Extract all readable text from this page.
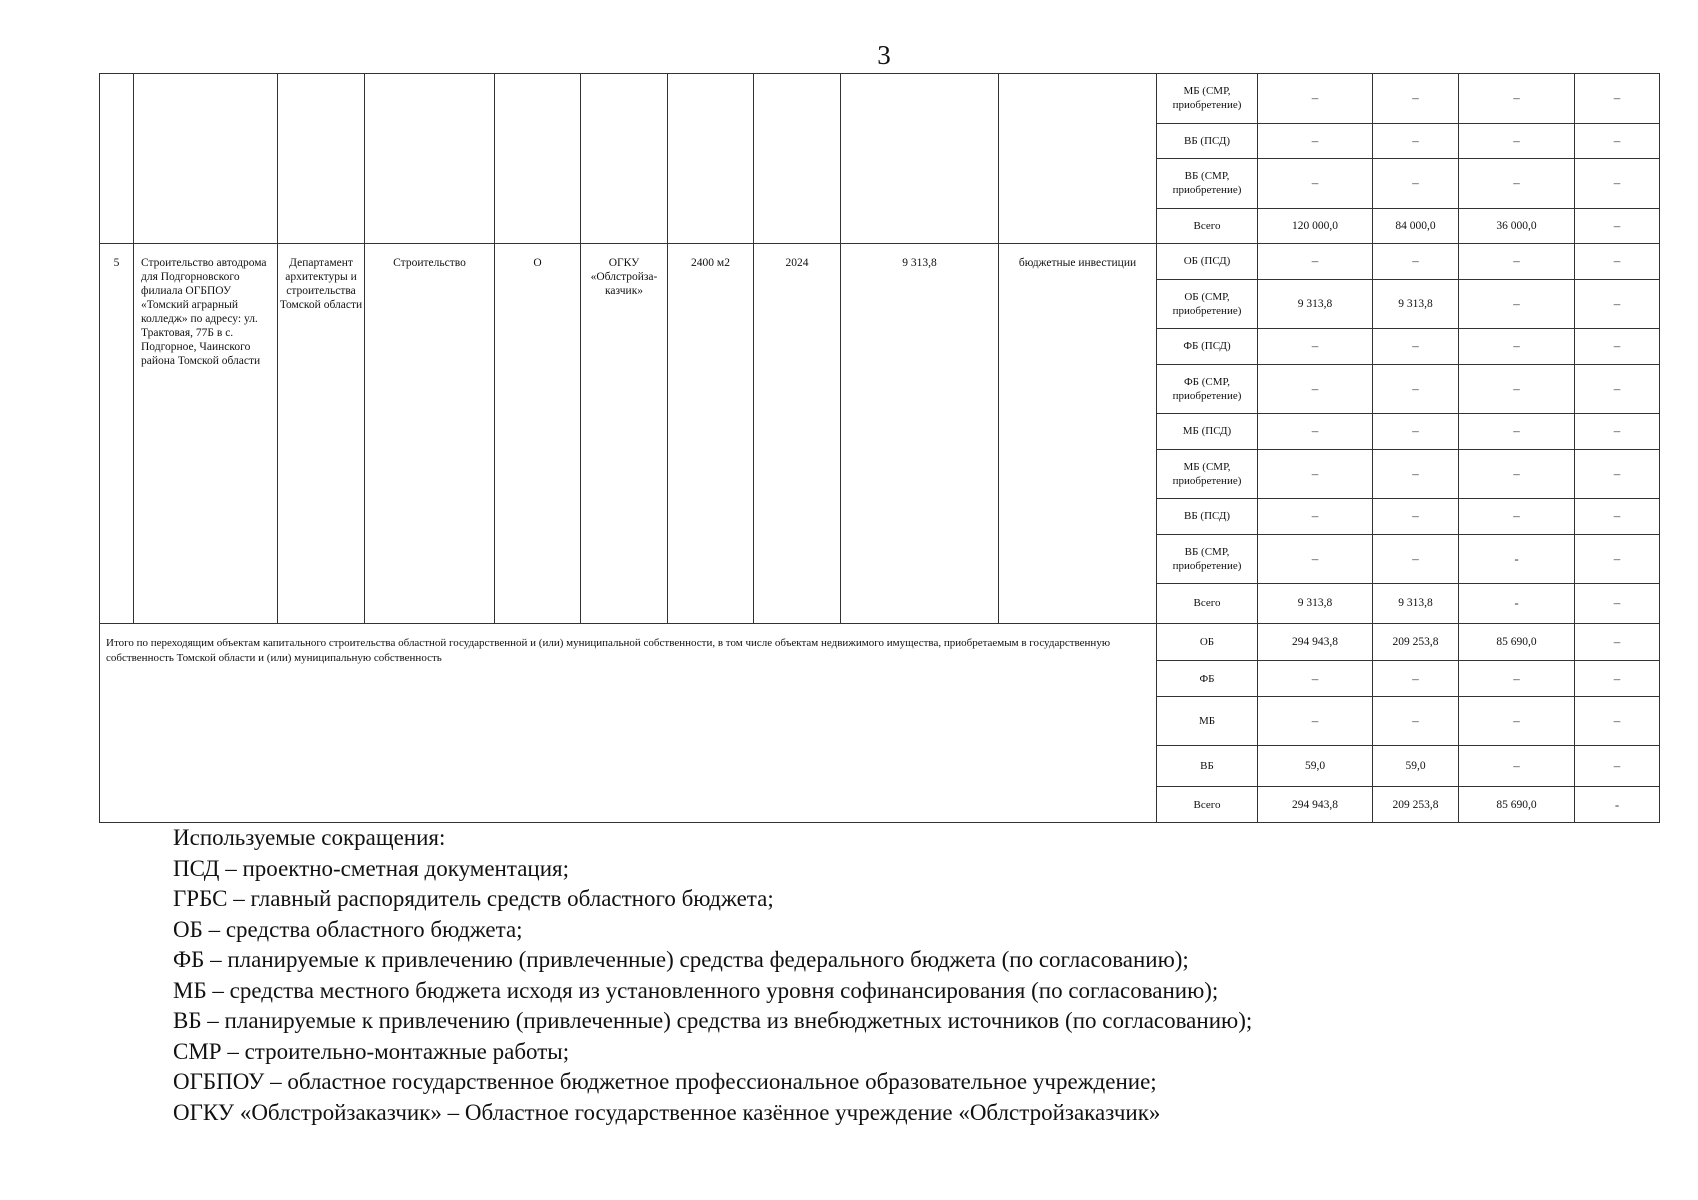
3
										МБ (СМР, приобретение)	–	–	–	–
										ВБ (ПСД)	–	–	–	–
										ВБ (СМР, приобретение)	–	–	–	–
										Всего	120 000,0	84 000,0	36 000,0	–
5	Строительство автодрома для Подгорновского филиала ОГБПОУ «Томский аграрный колледж» по адресу: ул. Трактовая, 77Б в с. Подгорное, Чаинского района Томской области	Департамент архитектуры и строительства Томской области	Строительство	О	ОГКУ «Облстройза-казчик»	2400 м2	2024	9 313,8	бюджетные инвестиции	ОБ (ПСД)	–	–	–	–
										ОБ (СМР, приобретение)	9 313,8	9 313,8	–	–
										ФБ (ПСД)	–	–	–	–
										ФБ (СМР, приобретение)	–	–	–	–
										МБ (ПСД)	–	–	–	–
										МБ (СМР, приобретение)	–	–	–	–
										ВБ (ПСД)	–	–	–	–
										ВБ (СМР, приобретение)	–	–	-	–
										Всего	9 313,8	9 313,8	-	–
Итого по переходящим объектам капитального строительства областной государственной и (или) муниципальной собственности, в том числе объектам недвижимого имущества, приобретаемым в государственную собственность Томской области и (или) муниципальную собственность										ОБ	294 943,8	209 253,8	85 690,0	–
										ФБ	–	–	–	–
										МБ	–	–	–	–
										ВБ	59,0	59,0	–	–
										Всего	294 943,8	209 253,8	85 690,0	-
Используемые сокращения:
ПСД – проектно-сметная документация;
ГРБС – главный распорядитель средств областного бюджета;
ОБ – средства областного бюджета;
ФБ – планируемые к привлечению (привлеченные) средства федерального бюджета (по согласованию);
МБ – средства местного бюджета исходя из установленного уровня софинансирования (по согласованию);
ВБ – планируемые к привлечению (привлеченные) средства из внебюджетных источников (по согласованию);
СМР – строительно-монтажные работы;
ОГБПОУ – областное государственное бюджетное профессиональное образовательное учреждение;
ОГКУ «Облстройзаказчик» – Областное государственное казённое учреждение «Облстройзаказчик»
